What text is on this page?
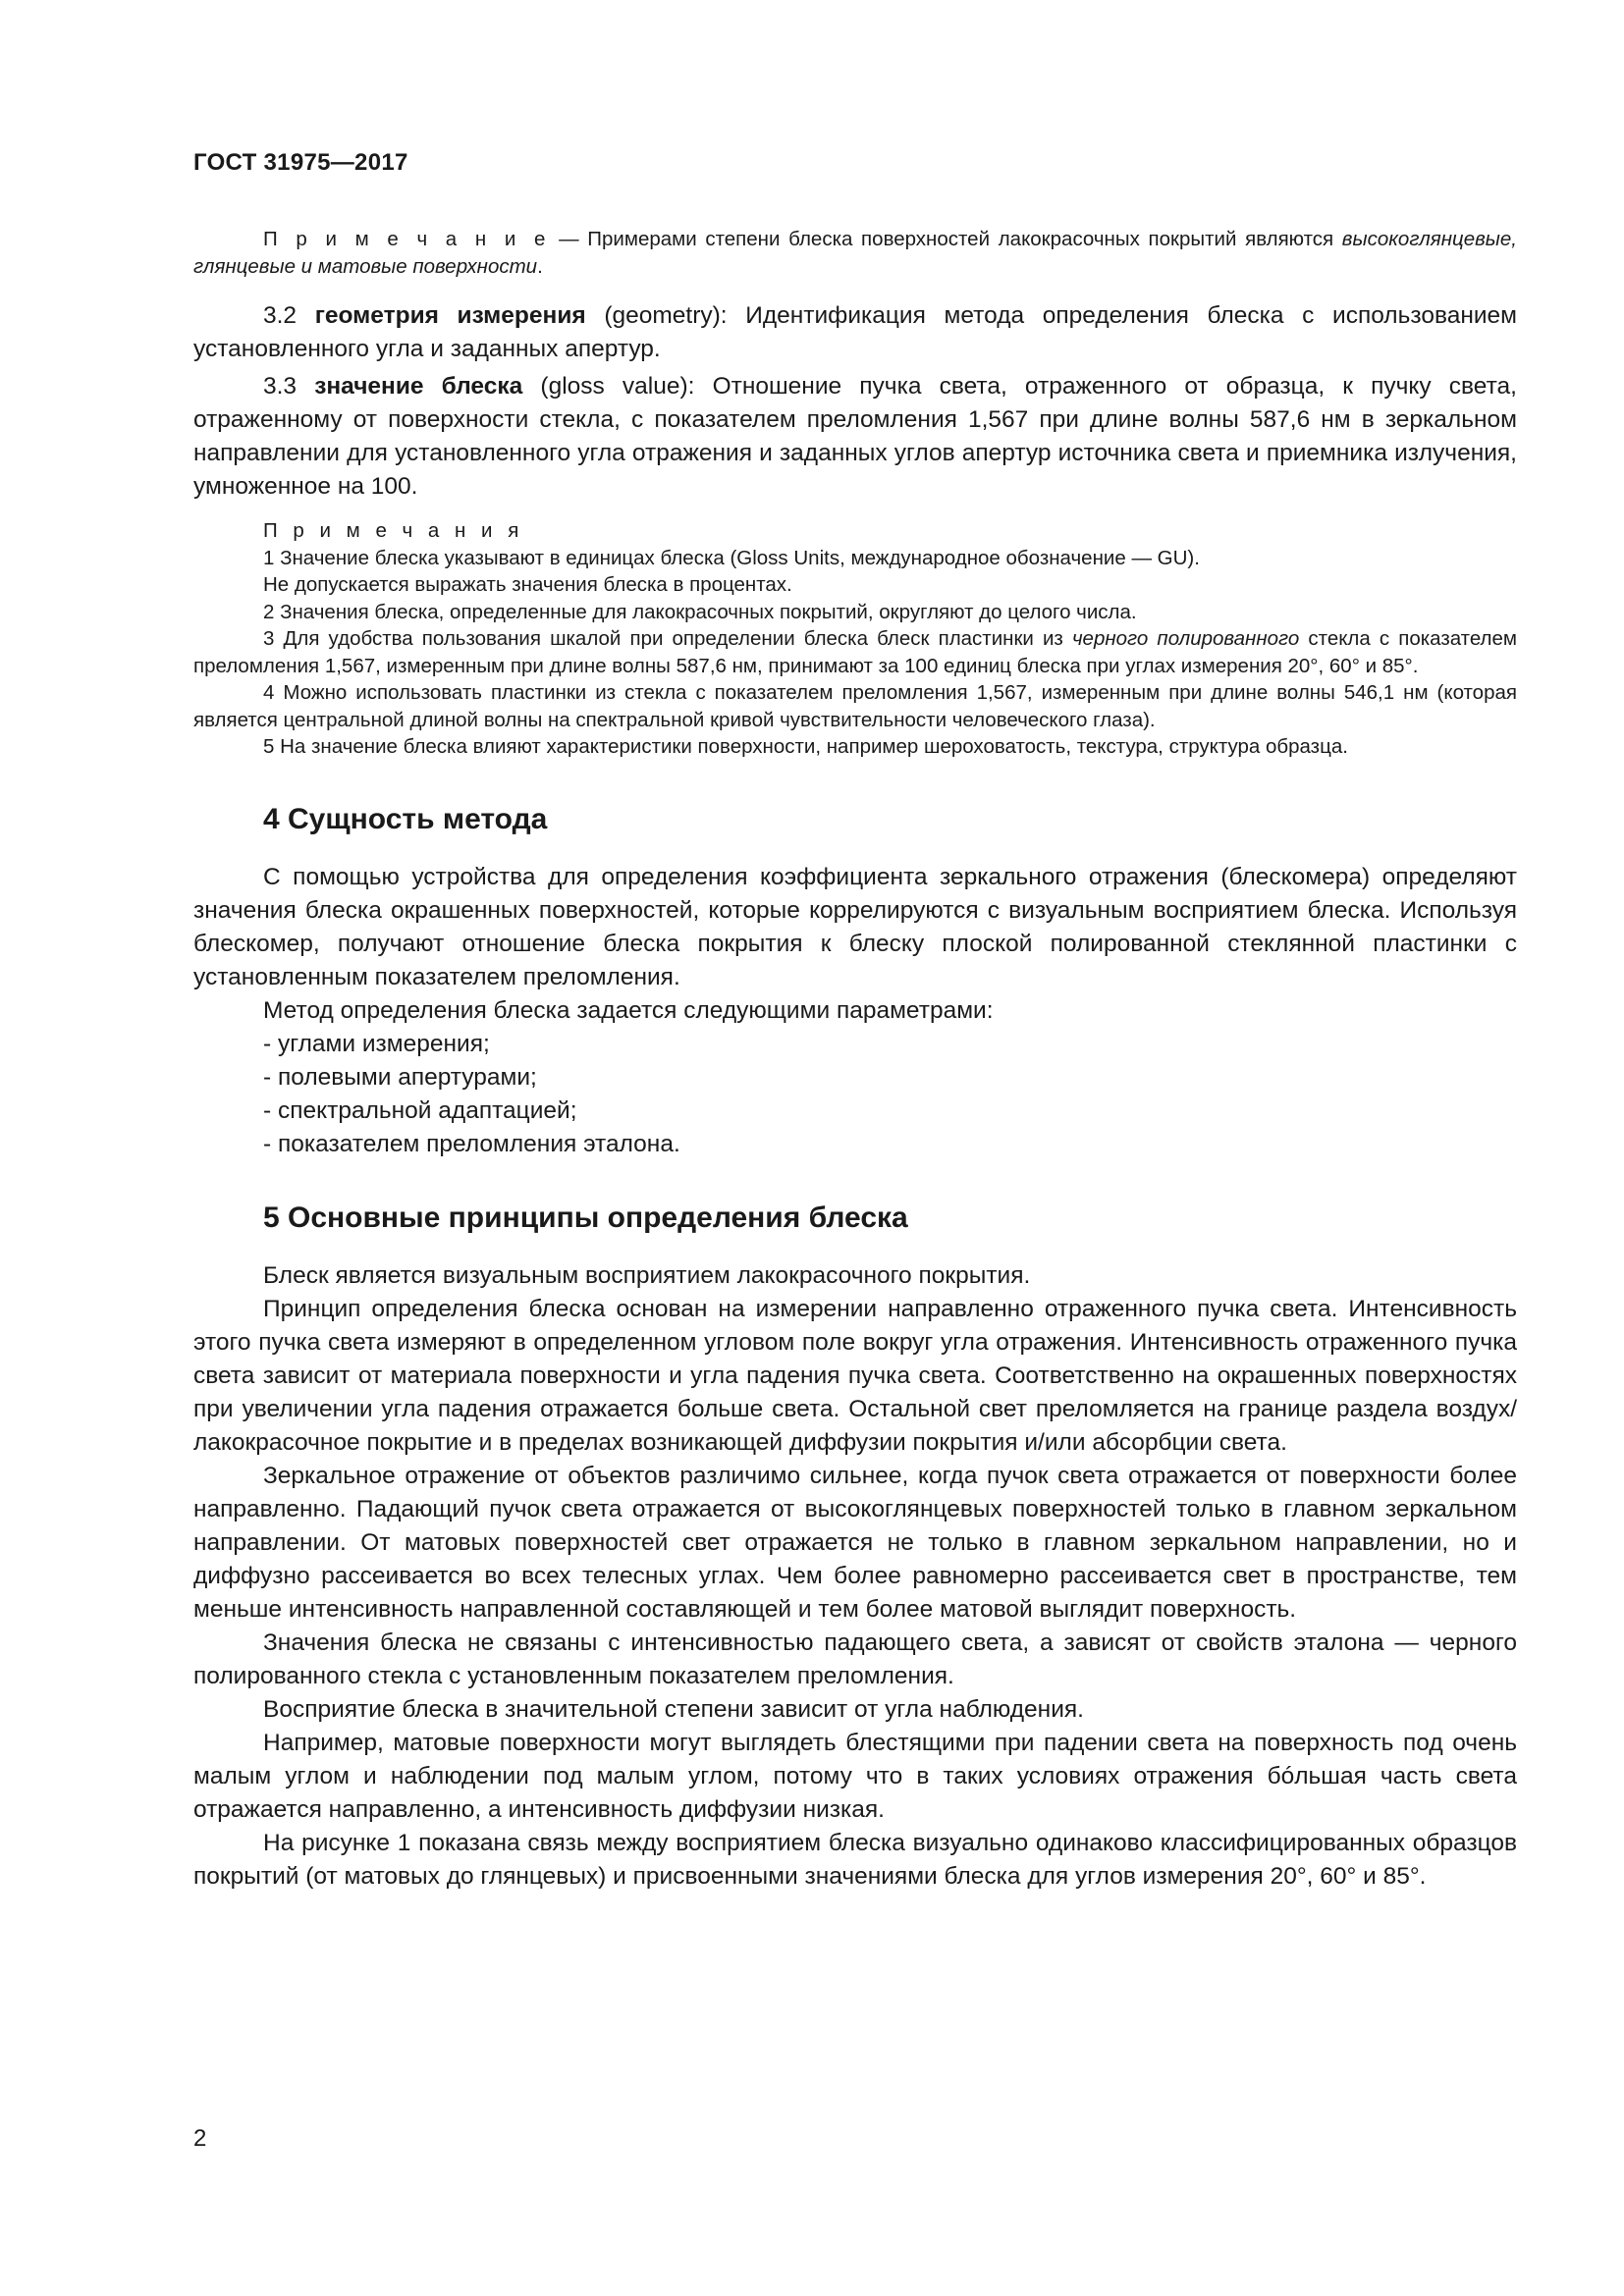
ГОСТ 31975—2017

П р и м е ч а н и е — Примерами степени блеска поверхностей лакокрасочных покрытий являются высокоглянцевые, глянцевые и матовые поверхности.

3.2 геометрия измерения (geometry): Идентификация метода определения блеска с использованием установленного угла и заданных апертур.

3.3 значение блеска (gloss value): Отношение пучка света, отраженного от образца, к пучку света, отраженному от поверхности стекла, с показателем преломления 1,567 при длине волны 587,6 нм в зеркальном направлении для установленного угла отражения и заданных углов апертур источника света и приемника излучения, умноженное на 100.

П р и м е ч а н и я

1 Значение блеска указывают в единицах блеска (Gloss Units, международное обозначение — GU).

Не допускается выражать значения блеска в процентах.

2 Значения блеска, определенные для лакокрасочных покрытий, округляют до целого числа.

3 Для удобства пользования шкалой при определении блеска блеск пластинки из черного полированного стекла с показателем преломления 1,567, измеренным при длине волны 587,6 нм, принимают за 100 единиц блеска при углах измерения 20°, 60° и 85°.

4 Можно использовать пластинки из стекла с показателем преломления 1,567, измеренным при длине волны 546,1 нм (которая является центральной длиной волны на спектральной кривой чувствительности человеческого глаза).

5 На значение блеска влияют характеристики поверхности, например шероховатость, текстура, структура образца.

4 Сущность метода

С помощью устройства для определения коэффициента зеркального отражения (блескомера) определяют значения блеска окрашенных поверхностей, которые коррелируются с визуальным восприятием блеска. Используя блескомер, получают отношение блеска покрытия к блеску плоской полированной стеклянной пластинки с установленным показателем преломления.

Метод определения блеска задается следующими параметрами:

- углами измерения;

- полевыми апертурами;

- спектральной адаптацией;

- показателем преломления эталона.

5 Основные принципы определения блеска

Блеск является визуальным восприятием лакокрасочного покрытия.

Принцип определения блеска основан на измерении направленно отраженного пучка света. Интенсивность этого пучка света измеряют в определенном угловом поле вокруг угла отражения. Интенсивность отраженного пучка света зависит от материала поверхности и угла падения пучка света. Соответственно на окрашенных поверхностях при увеличении угла падения отражается больше света. Остальной свет преломляется на границе раздела воздух/лакокрасочное покрытие и в пределах возникающей диффузии покрытия и/или абсорбции света.

Зеркальное отражение от объектов различимо сильнее, когда пучок света отражается от поверхности более направленно. Падающий пучок света отражается от высокоглянцевых поверхностей только в главном зеркальном направлении. От матовых поверхностей свет отражается не только в главном зеркальном направлении, но и диффузно рассеивается во всех телесных углах. Чем более равномерно рассеивается свет в пространстве, тем меньше интенсивность направленной составляющей и тем более матовой выглядит поверхность.

Значения блеска не связаны с интенсивностью падающего света, а зависят от свойств эталона — черного полированного стекла с установленным показателем преломления.

Восприятие блеска в значительной степени зависит от угла наблюдения.

Например, матовые поверхности могут выглядеть блестящими при падении света на поверхность под очень малым углом и наблюдении под малым углом, потому что в таких условиях отражения бóльшая часть света отражается направленно, а интенсивность диффузии низкая.

На рисунке 1 показана связь между восприятием блеска визуально одинаково классифицированных образцов покрытий (от матовых до глянцевых) и присвоенными значениями блеска для углов измерения 20°, 60° и 85°.

2
